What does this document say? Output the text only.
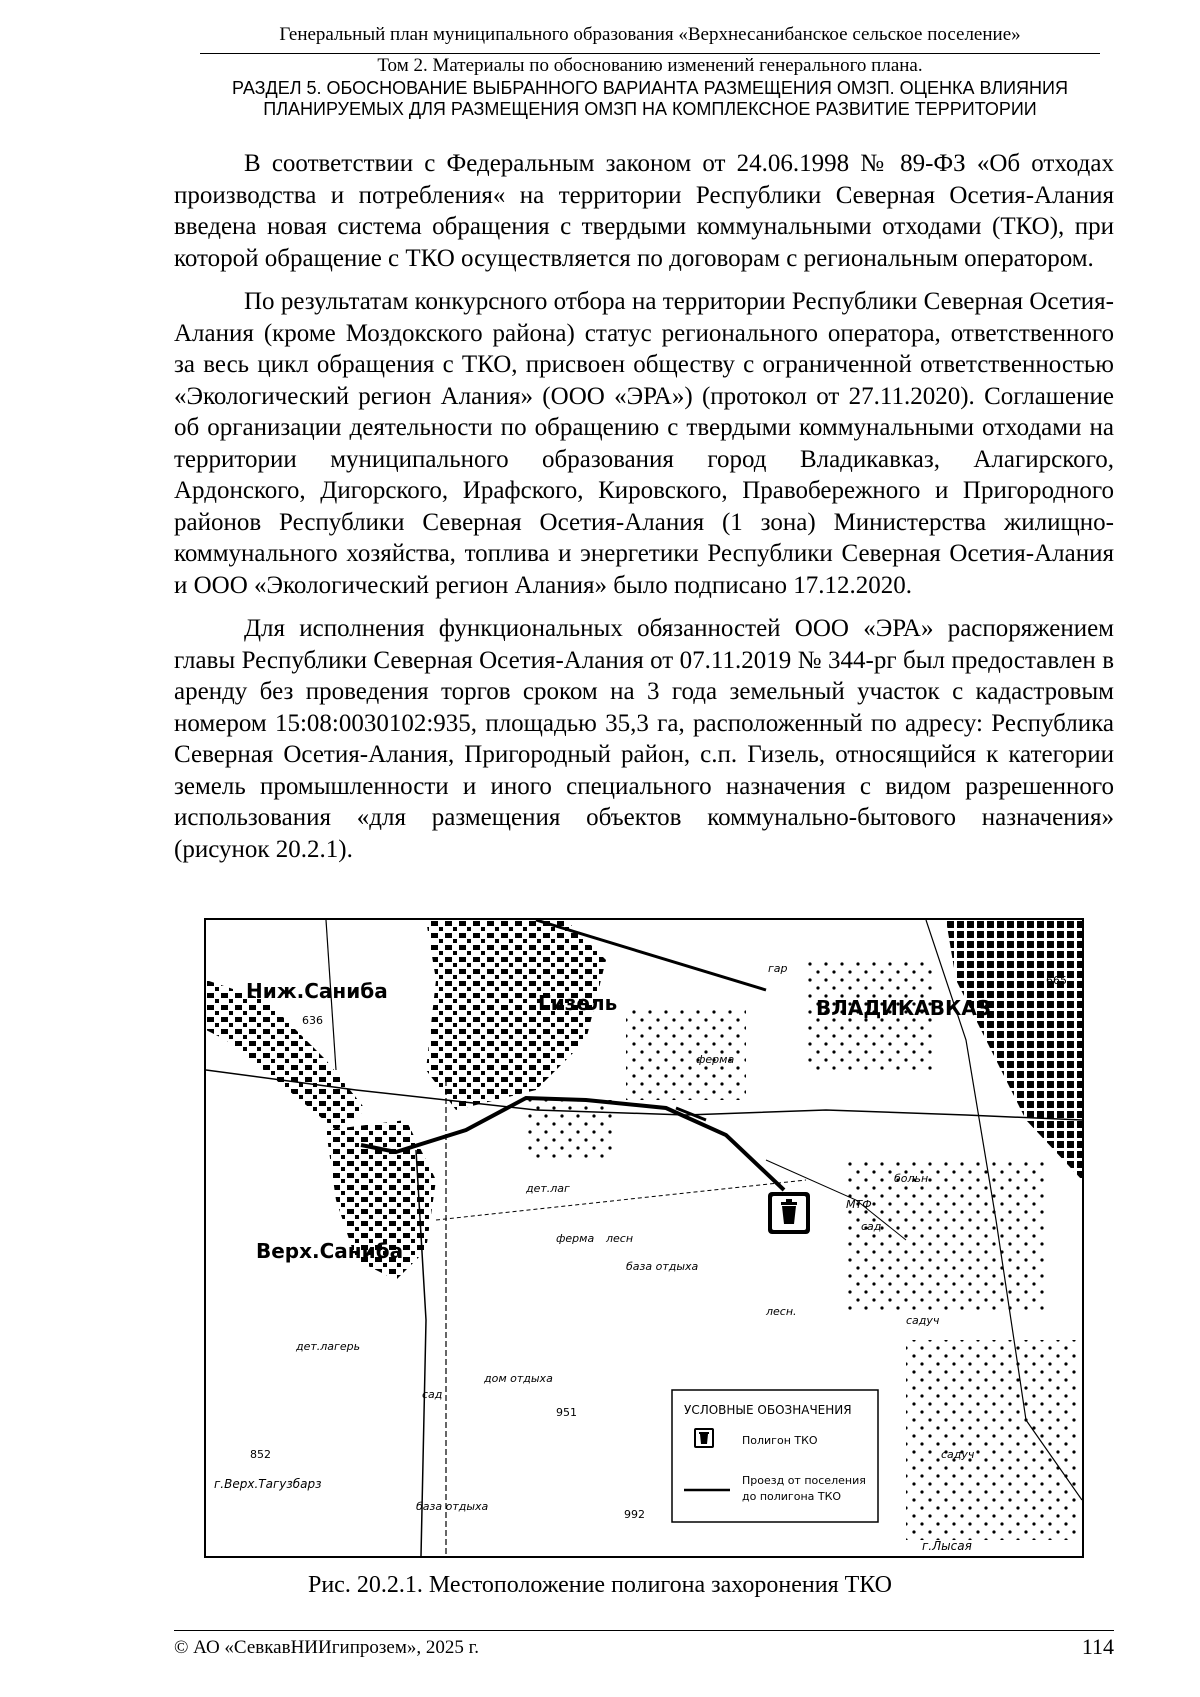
Генеральный план муниципального образования «Верхнесанибанское сельское поселение»
Том 2. Материалы по обоснованию изменений генерального плана.
РАЗДЕЛ 5. ОБОСНОВАНИЕ ВЫБРАННОГО ВАРИАНТА РАЗМЕЩЕНИЯ ОМЗП. ОЦЕНКА ВЛИЯНИЯ ПЛАНИРУЕМЫХ ДЛЯ РАЗМЕЩЕНИЯ ОМЗП НА КОМПЛЕКСНОЕ РАЗВИТИЕ ТЕРРИТОРИИ

В соответствии с Федеральным законом от 24.06.1998 № 89-ФЗ «Об отходах производства и потребления« на территории Республики Северная Осетия-Алания введена новая система обращения с твердыми коммунальными отходами (ТКО), при которой обращение с ТКО осуществляется по договорам с региональным оператором.

По результатам конкурсного отбора на территории Республики Северная Осетия-Алания (кроме Моздокского района) статус регионального оператора, ответственного за весь цикл обращения с ТКО, присвоен обществу с ограниченной ответственностью «Экологический регион Алания» (ООО «ЭРА») (протокол от 27.11.2020). Соглашение об организации деятельности по обращению с твердыми коммунальными отходами на территории муниципального образования город Владикавказ, Алагирского, Ардонского, Дигорского, Ирафского, Кировского, Правобережного и Пригородного районов Республики Северная Осетия-Алания (1 зона) Министерства жилищно-коммунального хозяйства, топлива и энергетики Республики Северная Осетия-Алания и ООО «Экологический регион Алания» было подписано 17.12.2020.

Для исполнения функциональных обязанностей ООО «ЭРА» распоряжением главы Республики Северная Осетия-Алания от 07.11.2019 № 344-рг был предоставлен в аренду без проведения торгов сроком на 3 года земельный участок с кадастровым номером 15:08:0030102:935, площадью 35,3 га, расположенный по адресу: Республика Северная Осетия-Алания, Пригородный район, с.п. Гизель, относящийся к категории земель промышленности и иного специального назначения с видом разрешенного использования «для размещения объектов коммунально-бытового назначения» (рисунок 20.2.1).

Ниж.Саниба	Гизель	ВЛАДИКАВКАЗ
Верх.Саниба
ферма
ферма лесн
дет.лаг
база отдыха
база отдыха
дом отдыха
дет.лагерь
сад
сад
садуч
садуч
больн
МТФ
гар
лесн.
г.Верх.Тагузбарз
г.Лысая
636
665
951
852
992
УСЛОВНЫЕ ОБОЗНАЧЕНИЯ
Полигон ТКО
Проезд от поселения
до полигона ТКО
Рис. 20.2.1. Местоположение полигона захоронения ТКО
© АО «СевкавНИИгипрозем», 2025 г.	114
